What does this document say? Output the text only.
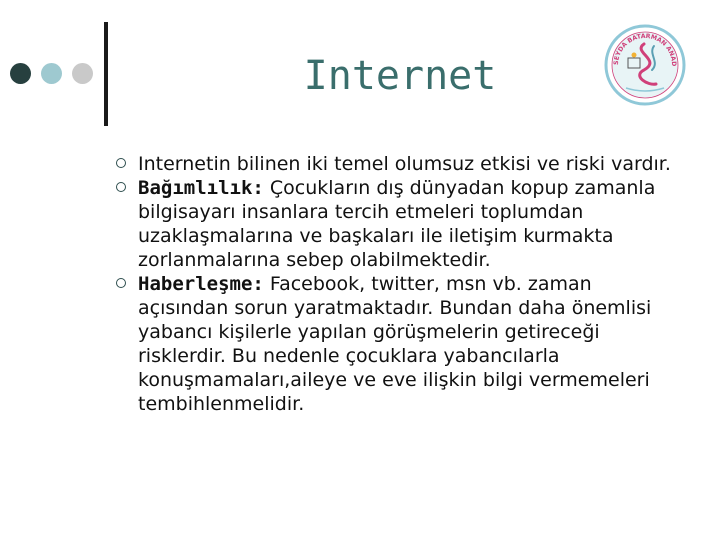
Internet	SEYDA BATARMAN ANAD
Internetin bilinen iki temel olumsuz etkisi ve riski vardır.
Bağımlılık: Çocukların dış dünyadan kopup zamanla bilgisayarı insanlara tercih etmeleri toplumdan uzaklaşmalarına ve başkaları ile iletişim kurmakta zorlanmalarına sebep olabilmektedir.
Haberleşme: Facebook, twitter, msn vb. zaman açısından sorun yaratmaktadır. Bundan daha önemlisi yabancı kişilerle yapılan görüşmelerin getireceği risklerdir. Bu nedenle çocuklara yabancılarla konuşmamaları,aileye ve eve ilişkin bilgi vermemeleri tembihlenmelidir.
